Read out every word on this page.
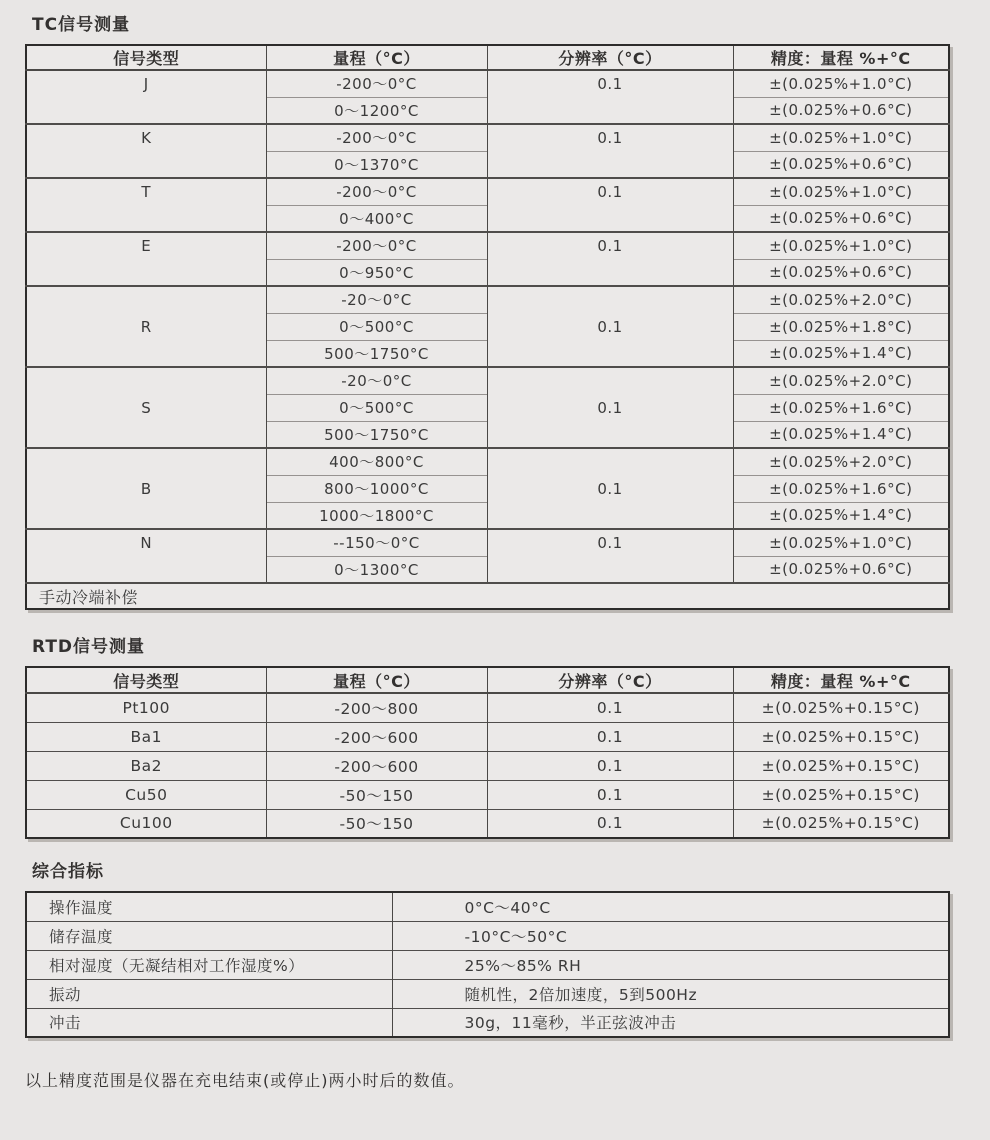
TC信号测量
信号类型	量程（°C）	分辨率（°C）	精度：量程 %+°C
J	-200～0°C	0.1	±(0.025%+1.0°C)
	0～1200°C		±(0.025%+0.6°C)
K	-200～0°C	0.1	±(0.025%+1.0°C)
	0～1370°C		±(0.025%+0.6°C)
T	-200～0°C	0.1	±(0.025%+1.0°C)
	0～400°C		±(0.025%+0.6°C)
E	-200～0°C	0.1	±(0.025%+1.0°C)
	0～950°C		±(0.025%+0.6°C)
R	-20～0°C	0.1	±(0.025%+2.0°C)
	0～500°C		±(0.025%+1.8°C)
	500～1750°C		±(0.025%+1.4°C)
S	-20～0°C	0.1	±(0.025%+2.0°C)
	0～500°C		±(0.025%+1.6°C)
	500～1750°C		±(0.025%+1.4°C)
B	400～800°C	0.1	±(0.025%+2.0°C)
	800～1000°C		±(0.025%+1.6°C)
	1000～1800°C		±(0.025%+1.4°C)
N	--150～0°C	0.1	±(0.025%+1.0°C)
	0～1300°C		±(0.025%+0.6°C)
手动冷端补偿			
RTD信号测量
信号类型	量程（°C）	分辨率（°C）	精度：量程 %+°C
Pt100	-200～800	0.1	±(0.025%+0.15°C)
Ba1	-200～600	0.1	±(0.025%+0.15°C)
Ba2	-200～600	0.1	±(0.025%+0.15°C)
Cu50	-50～150	0.1	±(0.025%+0.15°C)
Cu100	-50～150	0.1	±(0.025%+0.15°C)
综合指标
操作温度	0°C～40°C
储存温度	-10°C～50°C
相对湿度（无凝结相对工作湿度%）	25%～85% RH
振动	随机性，2倍加速度，5到500Hz
冲击	30g，11毫秒，半正弦波冲击
以上精度范围是仪器在充电结束(或停止)两小时后的数值。
